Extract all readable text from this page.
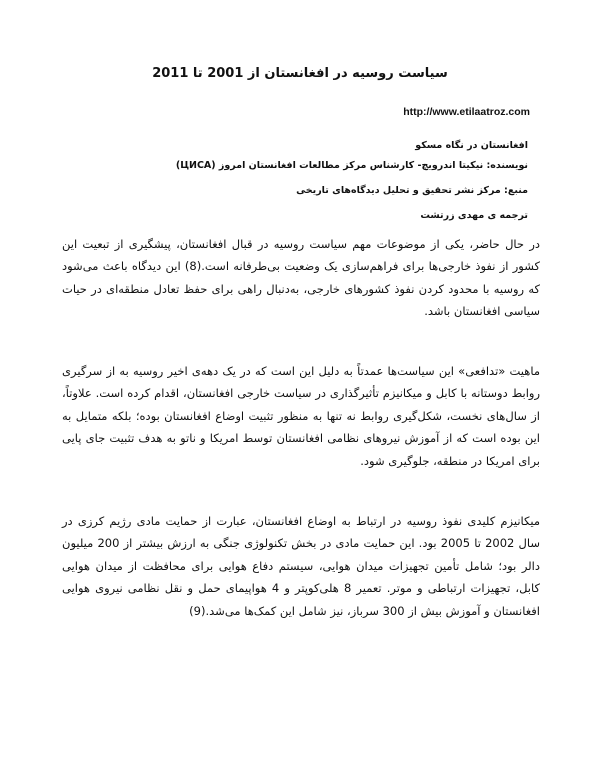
سیاست روسیه در افغانستان از 2001 تا 2011
http://www.etilaatroz.com
افغانستان در نگاه مسکو
نویسنده: نیکیتا اندرویچ- کارشناس مرکز مطالعات افغانستان امروز (ЦИСА)
منبع: مرکز نشر تحقیق و تحلیل دیدگاه‌های تاریخی
ترجمه ی مهدی زرتشت
در حال حاضر، یکی از موضوعات مهم سیاست روسیه در قبال افغانستان، پیشگیری از تبعیت این کشور از نفوذ خارجی‌ها برای فراهم‌سازی یک وضعیت بی‌طرفانه است.(8) این دیدگاه باعث می‌شود که روسیه با محدود کردن نفوذ کشورهای خارجی، به‌دنبال راهی برای حفظ تعادل منطقه‌ای در حیات سیاسی افغانستان باشد.
ماهیت «تدافعی» این سیاست‌ها عمدتاً به دلیل این است که در یک دهه‌ی اخیر روسیه به از سرگیری روابط دوستانه با کابل و میکانیزم تأثیرگذاری در سیاست خارجی افغانستان، اقدام کرده است. علاوتاً، از سال‌های نخست، شکل‌گیری روابط نه تنها به منظور تثبیت اوضاع افغانستان بوده؛ بلکه متمایل به این بوده است که از آموزش نیروهای نظامی افغانستان توسط امریکا و ناتو به هدف تثبیت جای پایی برای امریکا در منطقه، جلوگیری شود.
میکانیزم کلیدی نفوذ روسیه در ارتباط به اوضاع افغانستان، عبارت از حمایت مادی رژیم کرزی در سال 2002 تا 2005 بود. این حمایت مادی در بخش تکنولوژی جنگی به ارزش بیشتر از 200 میلیون دالر بود؛ شامل تأمین تجهیزات میدان هوایی، سیستم دفاع هوایی برای محافظت از میدان هوایی کابل، تجهیزات ارتباطی و موتر. تعمیر 8 هلی‌کوپتر و 4 هواپیمای حمل و نقل نظامی نیروی هوایی افغانستان و آموزش بیش از 300 سرباز، نیز شامل این کمک‌ها می‌شد.(9)
